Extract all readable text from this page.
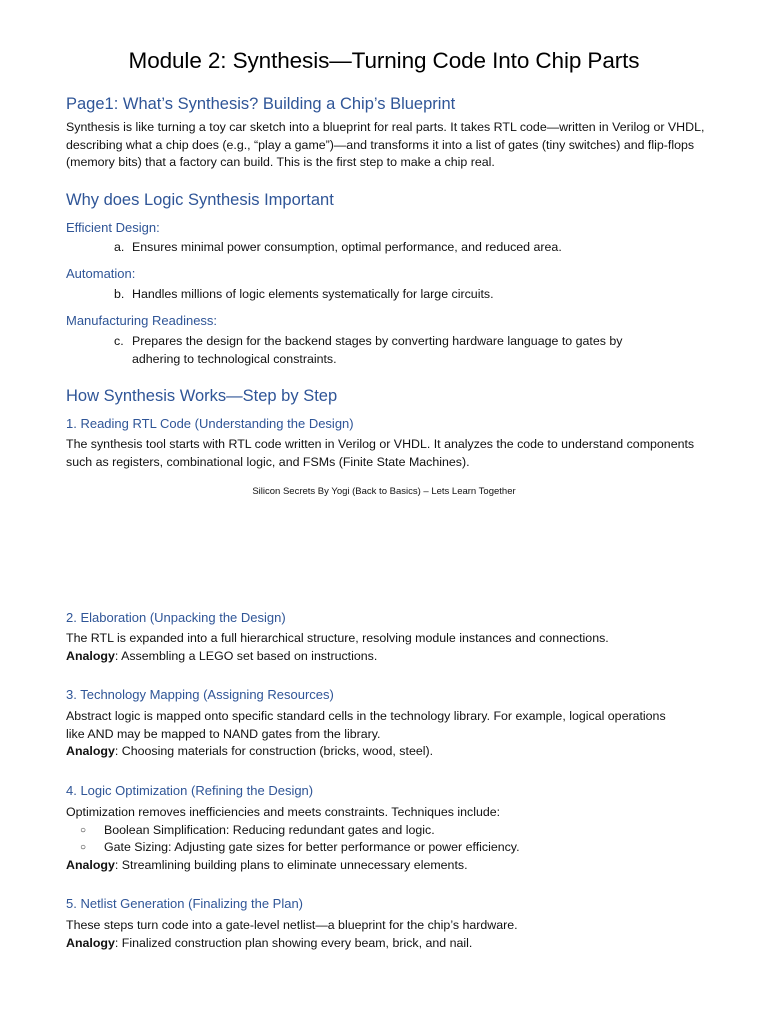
Module 2: Synthesis—Turning Code Into Chip Parts
Page1: What’s Synthesis? Building a Chip’s Blueprint

Synthesis is like turning a toy car sketch into a blueprint for real parts. It takes RTL code—written in Verilog or VHDL, describing what a chip does (e.g., “play a game”)—and transforms it into a list of gates (tiny switches) and flip-flops (memory bits) that a factory can build. This is the first step to make a chip real.

Why does Logic Synthesis Important
Efficient Design:
a. Ensures minimal power consumption, optimal performance, and reduced area.
Automation:
b. Handles millions of logic elements systematically for large circuits.
Manufacturing Readiness:
c. Prepares the design for the backend stages by converting hardware language to gates by adhering to technological constraints.
How Synthesis Works—Step by Step
1. Reading RTL Code (Understanding the Design)

The synthesis tool starts with RTL code written in Verilog or VHDL. It analyzes the code to understand components such as registers, combinational logic, and FSMs (Finite State Machines).

Silicon Secrets By Yogi (Back to Basics) – Lets Learn Together
2. Elaboration (Unpacking the Design)

The RTL is expanded into a full hierarchical structure, resolving module instances and connections.
Analogy: Assembling a LEGO set based on instructions.

3. Technology Mapping (Assigning Resources)

Abstract logic is mapped onto specific standard cells in the technology library. For example, logical operations like AND may be mapped to NAND gates from the library.
Analogy: Choosing materials for construction (bricks, wood, steel).

4. Logic Optimization (Refining the Design)
Optimization removes inefficiencies and meets constraints. Techniques include:
○	Boolean Simplification: Reducing redundant gates and logic.
○	Gate Sizing: Adjusting gate sizes for better performance or power efficiency.
Analogy: Streamlining building plans to eliminate unnecessary elements.
5. Netlist Generation (Finalizing the Plan)

These steps turn code into a gate-level netlist—a blueprint for the chip’s hardware.
Analogy: Finalized construction plan showing every beam, brick, and nail.
